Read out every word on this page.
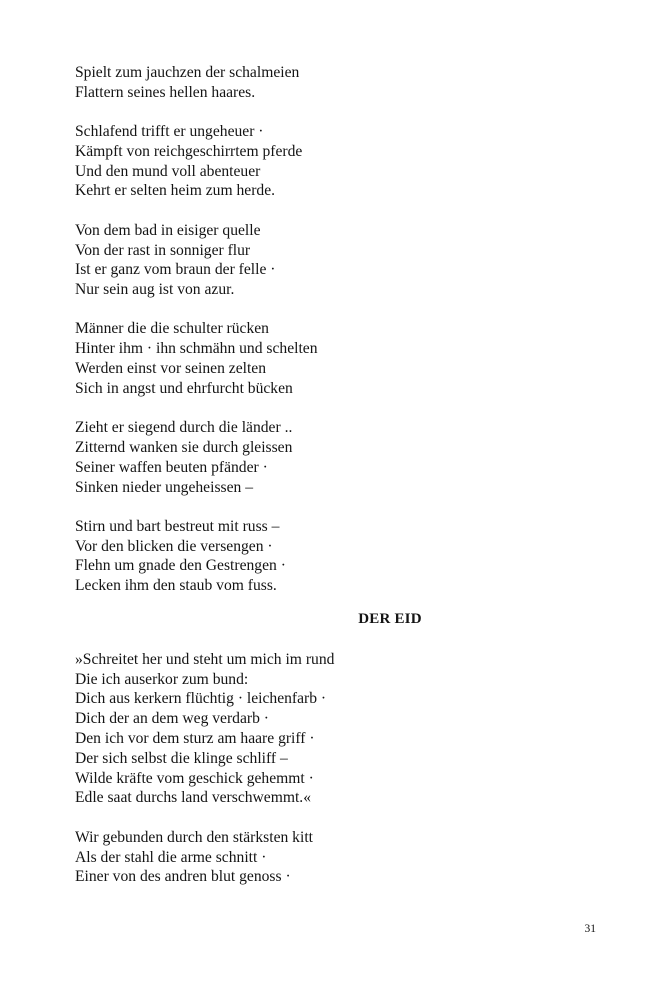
Spielt zum jauchzen der schalmeien
Flattern seines hellen haares.
Schlafend trifft er ungeheuer ·
Kämpft von reichgeschirrtem pferde
Und den mund voll abenteuer
Kehrt er selten heim zum herde.
Von dem bad in eisiger quelle
Von der rast in sonniger flur
Ist er ganz vom braun der felle ·
Nur sein aug ist von azur.
Männer die die schulter rücken
Hinter ihm · ihn schmähn und schelten
Werden einst vor seinen zelten
Sich in angst und ehrfurcht bücken
Zieht er siegend durch die länder ..
Zitternd wanken sie durch gleissen
Seiner waffen beuten pfänder ·
Sinken nieder ungeheissen –
Stirn und bart bestreut mit russ –
Vor den blicken die versengen ·
Flehn um gnade den Gestrengen ·
Lecken ihm den staub vom fuss.
DER EID
»Schreitet her und steht um mich im rund
Die ich auserkor zum bund:
Dich aus kerkern flüchtig · leichenfarb ·
Dich der an dem weg verdarb ·
Den ich vor dem sturz am haare griff ·
Der sich selbst die klinge schliff –
Wilde kräfte vom geschick gehemmt ·
Edle saat durchs land verschwemmt.«
Wir gebunden durch den stärksten kitt
Als der stahl die arme schnitt ·
Einer von des andren blut genoss ·
31
